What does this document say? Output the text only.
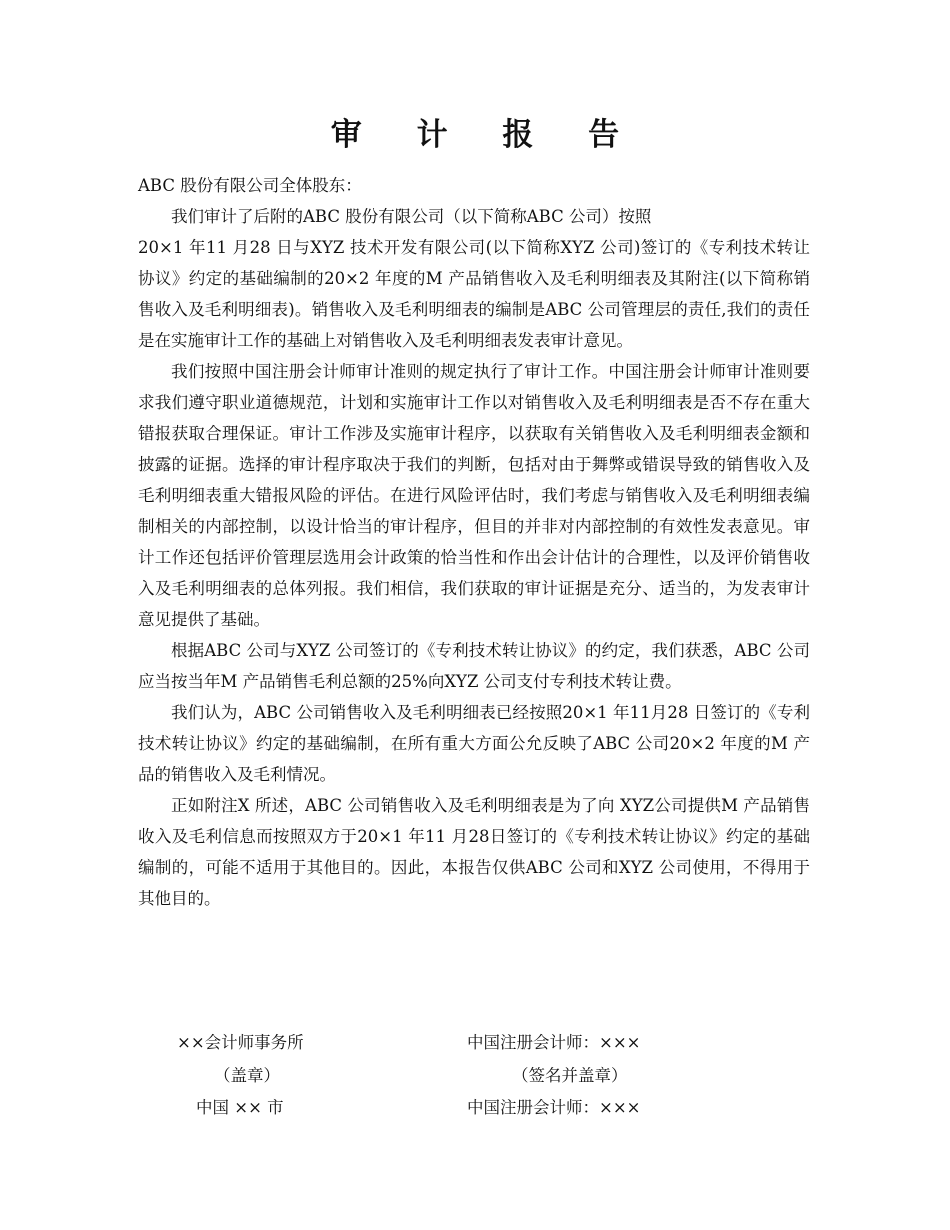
审 计 报 告

ABC 股份有限公司全体股东：

我们审计了后附的ABC 股份有限公司（以下简称ABC 公司）按照

20×1 年11 月28 日与XYZ 技术开发有限公司(以下简称XYZ 公司)签订的《专利技术转让协议》约定的基础编制的20×2 年度的M 产品销售收入及毛利明细表及其附注(以下简称销售收入及毛利明细表)。销售收入及毛利明细表的编制是ABC 公司管理层的责任,我们的责任是在实施审计工作的基础上对销售收入及毛利明细表发表审计意见。

我们按照中国注册会计师审计准则的规定执行了审计工作。中国注册会计师审计准则要求我们遵守职业道德规范，计划和实施审计工作以对销售收入及毛利明细表是否不存在重大错报获取合理保证。审计工作涉及实施审计程序，以获取有关销售收入及毛利明细表金额和披露的证据。选择的审计程序取决于我们的判断，包括对由于舞弊或错误导致的销售收入及毛利明细表重大错报风险的评估。在进行风险评估时，我们考虑与销售收入及毛利明细表编制相关的内部控制，以设计恰当的审计程序，但目的并非对内部控制的有效性发表意见。审计工作还包括评价管理层选用会计政策的恰当性和作出会计估计的合理性，以及评价销售收入及毛利明细表的总体列报。我们相信，我们获取的审计证据是充分、适当的，为发表审计意见提供了基础。

根据ABC 公司与XYZ 公司签订的《专利技术转让协议》的约定，我们获悉，ABC 公司应当按当年M 产品销售毛利总额的25%向XYZ 公司支付专利技术转让费。

我们认为，ABC 公司销售收入及毛利明细表已经按照20×1 年11月28 日签订的《专利技术转让协议》约定的基础编制，在所有重大方面公允反映了ABC 公司20×2 年度的M 产品的销售收入及毛利情况。

正如附注X 所述，ABC 公司销售收入及毛利明细表是为了向 XYZ公司提供M 产品销售收入及毛利信息而按照双方于20×1 年11 月28日签订的《专利技术转让协议》约定的基础编制的，可能不适用于其他目的。因此，本报告仅供ABC 公司和XYZ 公司使用，不得用于其他目的。

××会计师事务所
（盖章）
中国 ×× 市
中国注册会计师：×××
（签名并盖章）
中国注册会计师：×××
